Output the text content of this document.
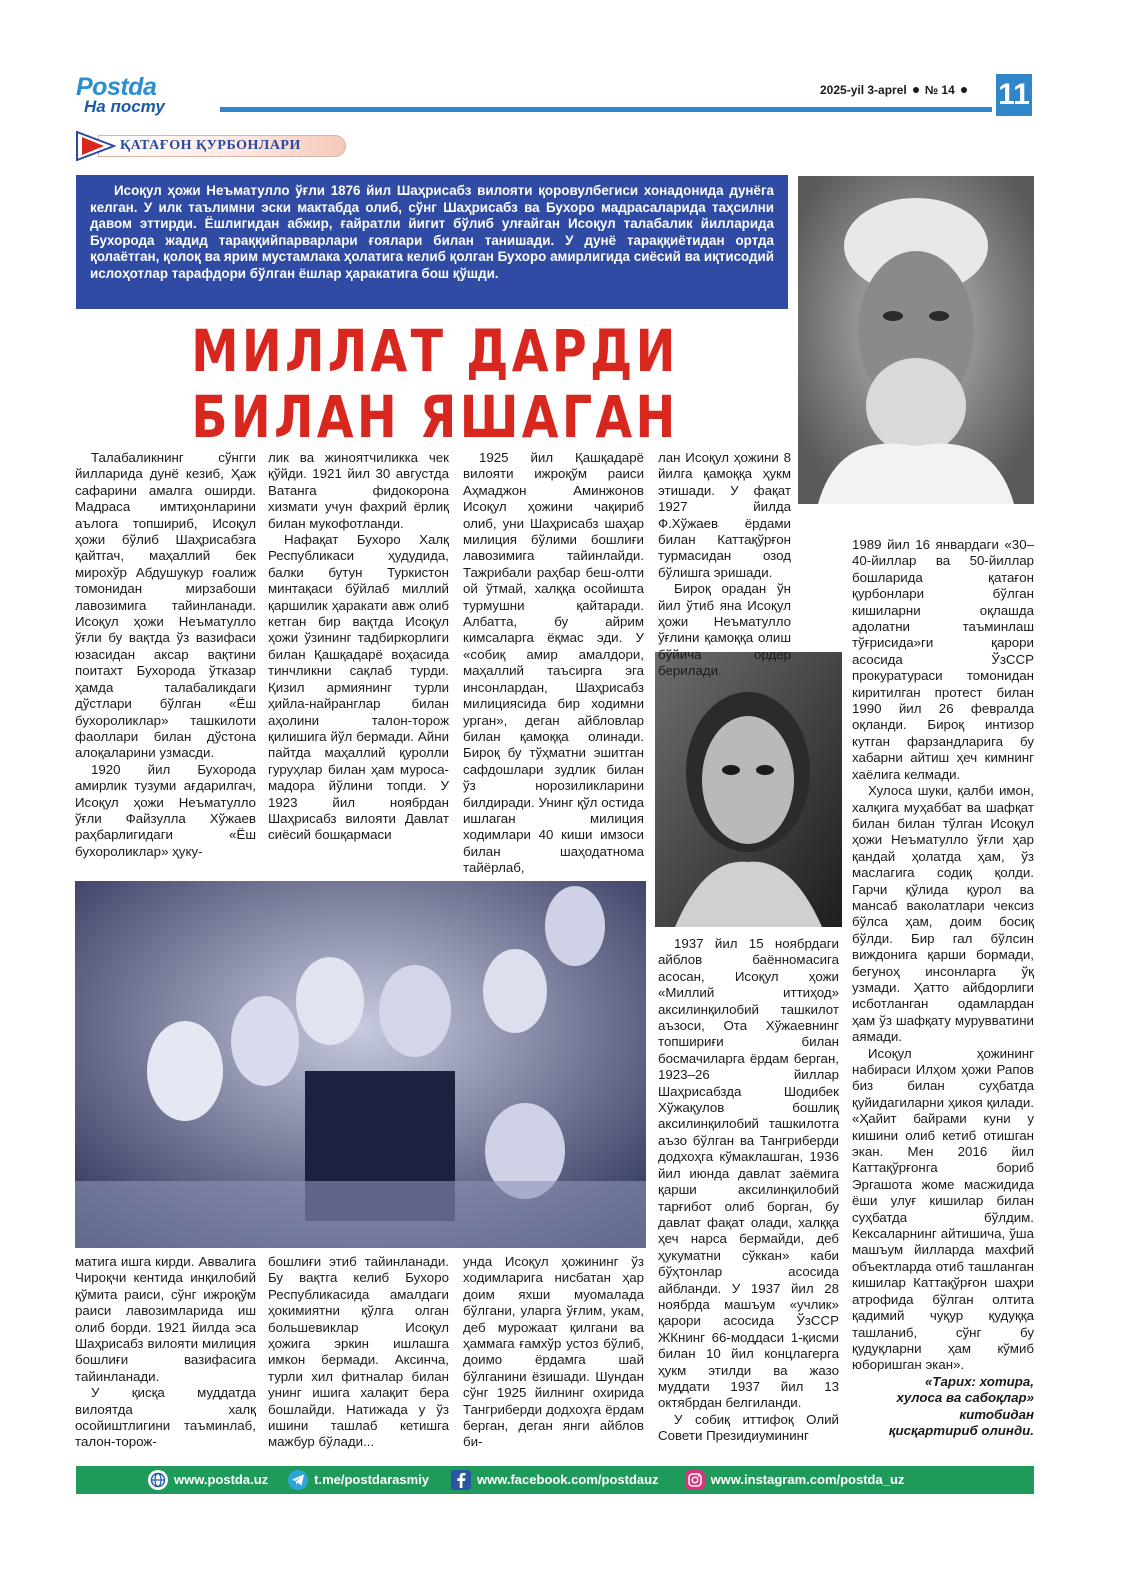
Postda
На посту
2025-yil 3-aprel № 14 11
ҚАТАҒОН ҚУРБОНЛАРИ
Исоқул ҳожи Неъматулло ўғли 1876 йил Шаҳрисабз вилояти қоровулбегиси хонадонида дунёга келган. У илк таълимни эски мактабда олиб, сўнг Шаҳрисабз ва Бухоро мадрасаларида таҳсилни давом эттирди. Ёшлигидан абжир, ғайратли йигит бўлиб улғайган Исоқул талабалик йилларида Бухорода жадид тараққийпарварлари ғоялари билан танишади. У дунё тараққиётидан ортда қолаётган, қолоқ ва ярим мустамлака ҳолатига келиб қолган Бухоро амирлигида сиёсий ва иқтисодий ислоҳотлар тарафдори бўлган ёшлар ҳаракатига бош қўшди.
МИЛЛАТ ДАРДИ
БИЛАН ЯШАГАН

Талабаликнинг сўнгги йилларида дунё кезиб, Ҳаж сафарини амалга оширди. Мадраса имтиҳонларини аълога топшириб, Исоқул ҳожи бўлиб Шаҳрисабзга қайтгач, маҳаллий бек мирохўр Абдушукур ғоалиж томонидан мирзабоши лавозимига тайинланади. Исоқул ҳожи Неъматулло ўғли бу вақтда ўз вазифаси юзасидан аксар вақтини поитахт Бухорода ўтказар ҳамда талабаликдаги дўстлари бўлган «Ёш бухороликлар» ташкилоти фаоллари билан дўстона алоқаларини узмасди.

1920 йил Бухорода амирлик тузуми ағдарилгач, Исоқул ҳожи Неъматулло ўғли Файзулла Хўжаев раҳбарлигидаги «Ёш бухороликлар» ҳуку-

лик ва жиноятчиликка чек қўйди. 1921 йил 30 августда Ватанга фидокорона хизмати учун фахрий ёрлиқ билан мукофотланди.

Нафақат Бухоро Халқ Республикаси ҳудудида, балки бутун Туркистон минтақаси бўйлаб миллий қаршилик ҳаракати авж олиб кетган бир вақтда Исоқул ҳожи ўзининг тадбиркорлиги билан Қашқадарё воҳасида тинчликни сақлаб турди. Қизил армиянинг турли ҳийла-найранглар билан аҳолини талон-торож қилишига йўл бермади. Айни пайтда маҳаллий қуролли гуруҳлар билан ҳам муроса-мадора йўлини топди. У 1923 йил ноябрдан Шаҳрисабз вилояти Давлат сиёсий бошқармаси

1925 йил Қашқадарё вилояти ижроқўм раиси Аҳмаджон Аминжонов Исоқул ҳожини чақириб олиб, уни Шаҳрисабз шаҳар милиция бўлими бошлиғи лавозимига тайинлайди. Тажрибали раҳбар беш-олти ой ўтмай, халққа осойишта турмушни қайтаради. Албатта, бу айрим кимсаларга ёқмас эди. У «собиқ амир амалдори, маҳаллий таъсирга эга инсонлардан, Шаҳрисабз милициясида бир ходимни урган», деган айбловлар билан қамоққа олинади. Бироқ бу тўҳматни эшитган сафдошлари зудлик билан ўз норозиликларини билдиради. Унинг қўл остида ишлаган милиция ходимлари 40 киши имзоси билан шаҳодатнома тайёрлаб,

лан Исоқул ҳожини 8 йилга қамоққа ҳукм этишади. У фақат 1927 йилда Ф.Хўжаев ёрдами билан Каттақўрғон турмасидан озод бўлишга эришади.

Бироқ орадан ўн йил ўтиб яна Исоқул ҳожи Неъматулло ўғлини қамоққа олиш бўйича ордер берилади.

1937 йил 15 ноябрдаги айблов баённомасига асосан, Исоқул ҳожи «Миллий иттиҳод» аксилинқилобий ташкилот аъзоси, Ота Хўжаевнинг топшириғи билан босмачиларга ёрдам берган, 1923–26 йиллар Шаҳрисабзда Шодибек Хўжақулов бошлиқ аксилинқилобий ташкилотга аъзо бўлган ва Тангриберди додхоҳга кўмаклашган, 1936 йил июнда давлат заёмига қарши аксилинқилобий тарғибот олиб борган, бу давлат фақат олади, халққа ҳеч нарса бермайди, деб ҳукуматни сўккан» каби бўҳтонлар асосида айбланди. У 1937 йил 28 ноябрда машъум «учлик» қарори асосида ЎзССР ЖКнинг 66-моддаси 1-қисми билан 10 йил концлагерга ҳукм этилди ва жазо муддати 1937 йил 13 октябрдан белгиланди.

У собиқ иттифоқ Олий Совети Президиумининг

1989 йил 16 январдаги «30–40-йиллар ва 50-йиллар бошларида қатағон қурбонлари бўлган кишиларни оқлашда адолатни таъминлаш тўғрисида»ги қарори асосида ЎзССР прокуратураси томонидан киритилган протест билан 1990 йил 26 февралда оқланди. Бироқ интизор кутган фарзандларига бу хабарни айтиш ҳеч кимнинг хаёлига келмади.

Хулоса шуки, қалби имон, халқига муҳаббат ва шафқат билан билан тўлган Исоқул ҳожи Неъматулло ўғли ҳар қандай ҳолатда ҳам, ўз маслагига содиқ қолди. Гарчи қўлида қурол ва мансаб ваколатлари чексиз бўлса ҳам, доим босиқ бўлди. Бир гал бўлсин виждонига қарши бормади, бегуноҳ инсонларга ўқ узмади. Ҳатто айбдорлиги исботланган одамлардан ҳам ўз шафқату мурувватини аямади.

Исоқул ҳожининг набираси Илҳом ҳожи Рапов биз билан суҳбатда қуйидагиларни ҳикоя қилади. «Ҳайит байрами куни у кишини олиб кетиб отишган экан. Мен 2016 йил Каттақўрғонга бориб Эргашота жоме масжидида ёши улуғ кишилар билан суҳбатда бўлдим. Кексаларнинг айтишича, ўша машъум йилларда махфий объектларда отиб ташланган кишилар Каттақўрғон шаҳри атрофида бўлган олтита қадимий чуқур қудуққа ташланиб, сўнг бу қудуқларни ҳам кўмиб юборишган экан».

«Тарих: хотира,
хулоса ва сабоқлар»
китобидан
қисқартириб олинди.

матига ишга кирди. Аввалига Чироқчи кентида инқилобий қўмита раиси, сўнг ижроқўм раиси лавозимларида иш олиб борди. 1921 йилда эса Шаҳрисабз вилояти милиция бошлиғи вазифасига тайинланади.

У қисқа муддатда вилоятда халқ осойиштлигини таъминлаб, талон-торож-

бошлиғи этиб тайинланади. Бу вақтга келиб Бухоро Республикасида амалдаги ҳокимиятни қўлга олган большевиклар Исоқул ҳожига эркин ишлашга имкон бермади. Аксинча, турли хил фитналар билан унинг ишига халақит бера бошлайди. Натижада у ўз ишини ташлаб кетишга мажбур бўлади...

унда Исоқул ҳожининг ўз ходимларига нисбатан ҳар доим яхши муомалада бўлгани, уларга ўғлим, укам, деб мурожаат қилгани ва ҳаммага ғамхўр устоз бўлиб, доимо ёрдамга шай бўлганини ёзишади. Шундан сўнг 1925 йилнинг охирида Тангриберди додхоҳга ёрдам берган, деган янги айблов би-

www.postda.uz	t.me/postdarasmiy	www.facebook.com/postdauz	www.instagram.com/postda_uz
